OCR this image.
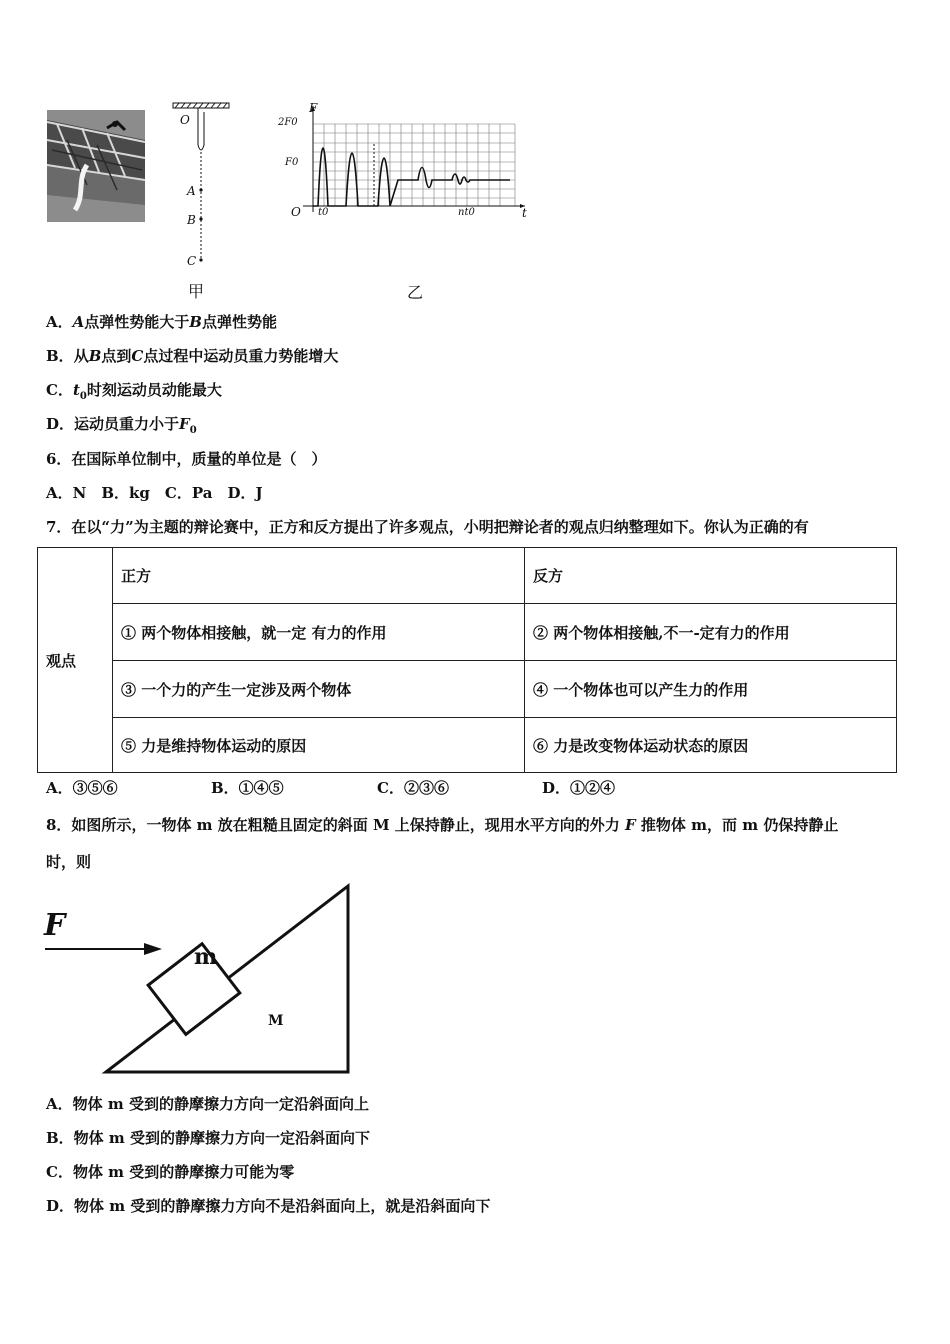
O
A
B
C
甲
F
2F0
F0
O t0	nt0	t
乙
A．A点弹性势能大于B点弹性势能
B．从B点到C点过程中运动员重力势能增大
C．$t_0$时刻运动员动能最大
D．运动员重力小于$F_0$
6．在国际单位制中，质量的单位是（　）
A．N　B．kg　C．Pa　D．J
7．在以“力”为主题的辩论赛中，正方和反方提出了许多观点，小明把辩论者的观点归纳整理如下。你认为正确的有
观点	正方	反方
	① 两个物体相接触，就一定 有力的作用	② 两个物体相接触,不一-定有力的作用
	③ 一个力的产生一定涉及两个物体	④ 一个物体也可以产生力的作用
	⑤ 力是维持物体运动的原因	⑥ 力是改变物体运动状态的原因
A．③⑤⑥	B．①④⑤	C．②③⑥	D．①②④
8．如图所示，一物体 m 放在粗糙且固定的斜面 M 上保持静止，现用水平方向的外力 F 推物体 m，而 m 仍保持静止
时，则
F
m
M
A．物体 m 受到的静摩擦力方向一定沿斜面向上
B．物体 m 受到的静摩擦力方向一定沿斜面向下
C．物体 m 受到的静摩擦力可能为零
D．物体 m 受到的静摩擦力方向不是沿斜面向上，就是沿斜面向下
